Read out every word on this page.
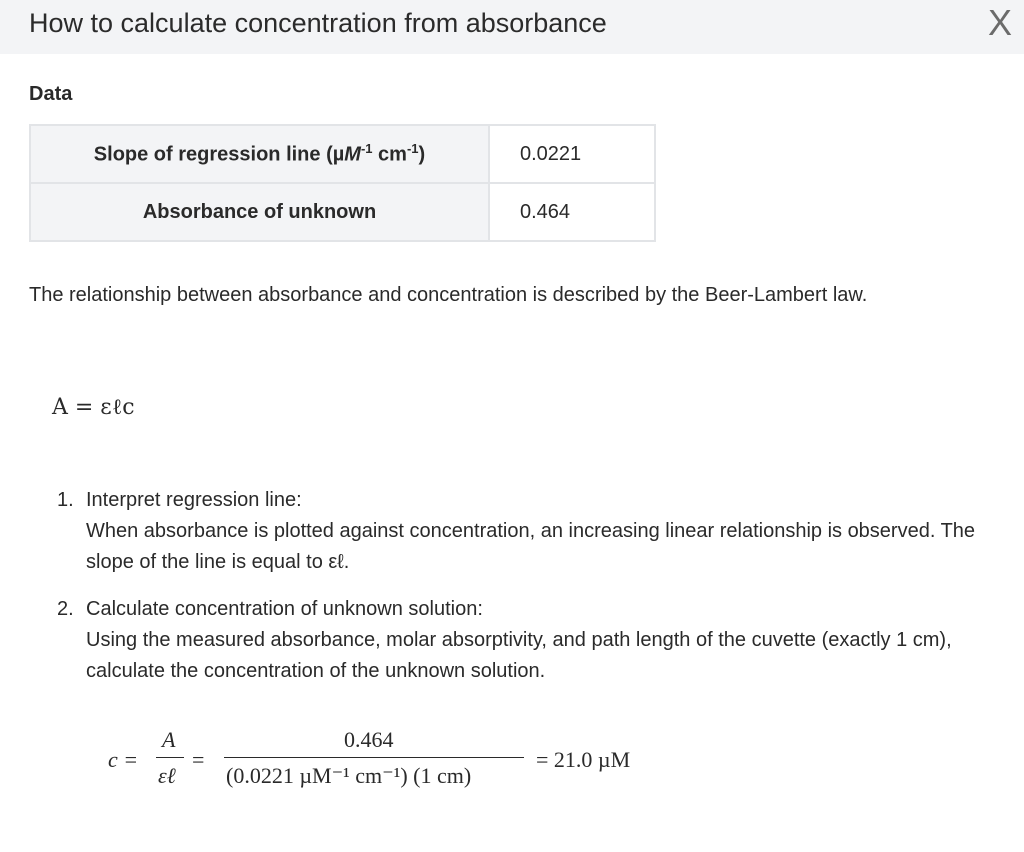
How to calculate concentration from absorbance	X
Data
Slope of regression line (µM$^{-1}$ $cm^{-1}$)	0.0221
Absorbance of unknown	0.464
The relationship between absorbance and concentration is described by the Beer-Lambert law.
A = εℓc
1. Interpret regression line:
When absorbance is plotted against concentration, an increasing linear relationship is observed. The slope of the line is equal to εℓ.
2. Calculate concentration of unknown solution:
Using the measured absorbance, molar absorptivity, and path length of the cuvette (exactly 1 cm), calculate the concentration of the unknown solution.
c =
A
εℓ
=
0.464
(0.0221 µM⁻¹ cm⁻¹) (1 cm)
= 21.0 µM
